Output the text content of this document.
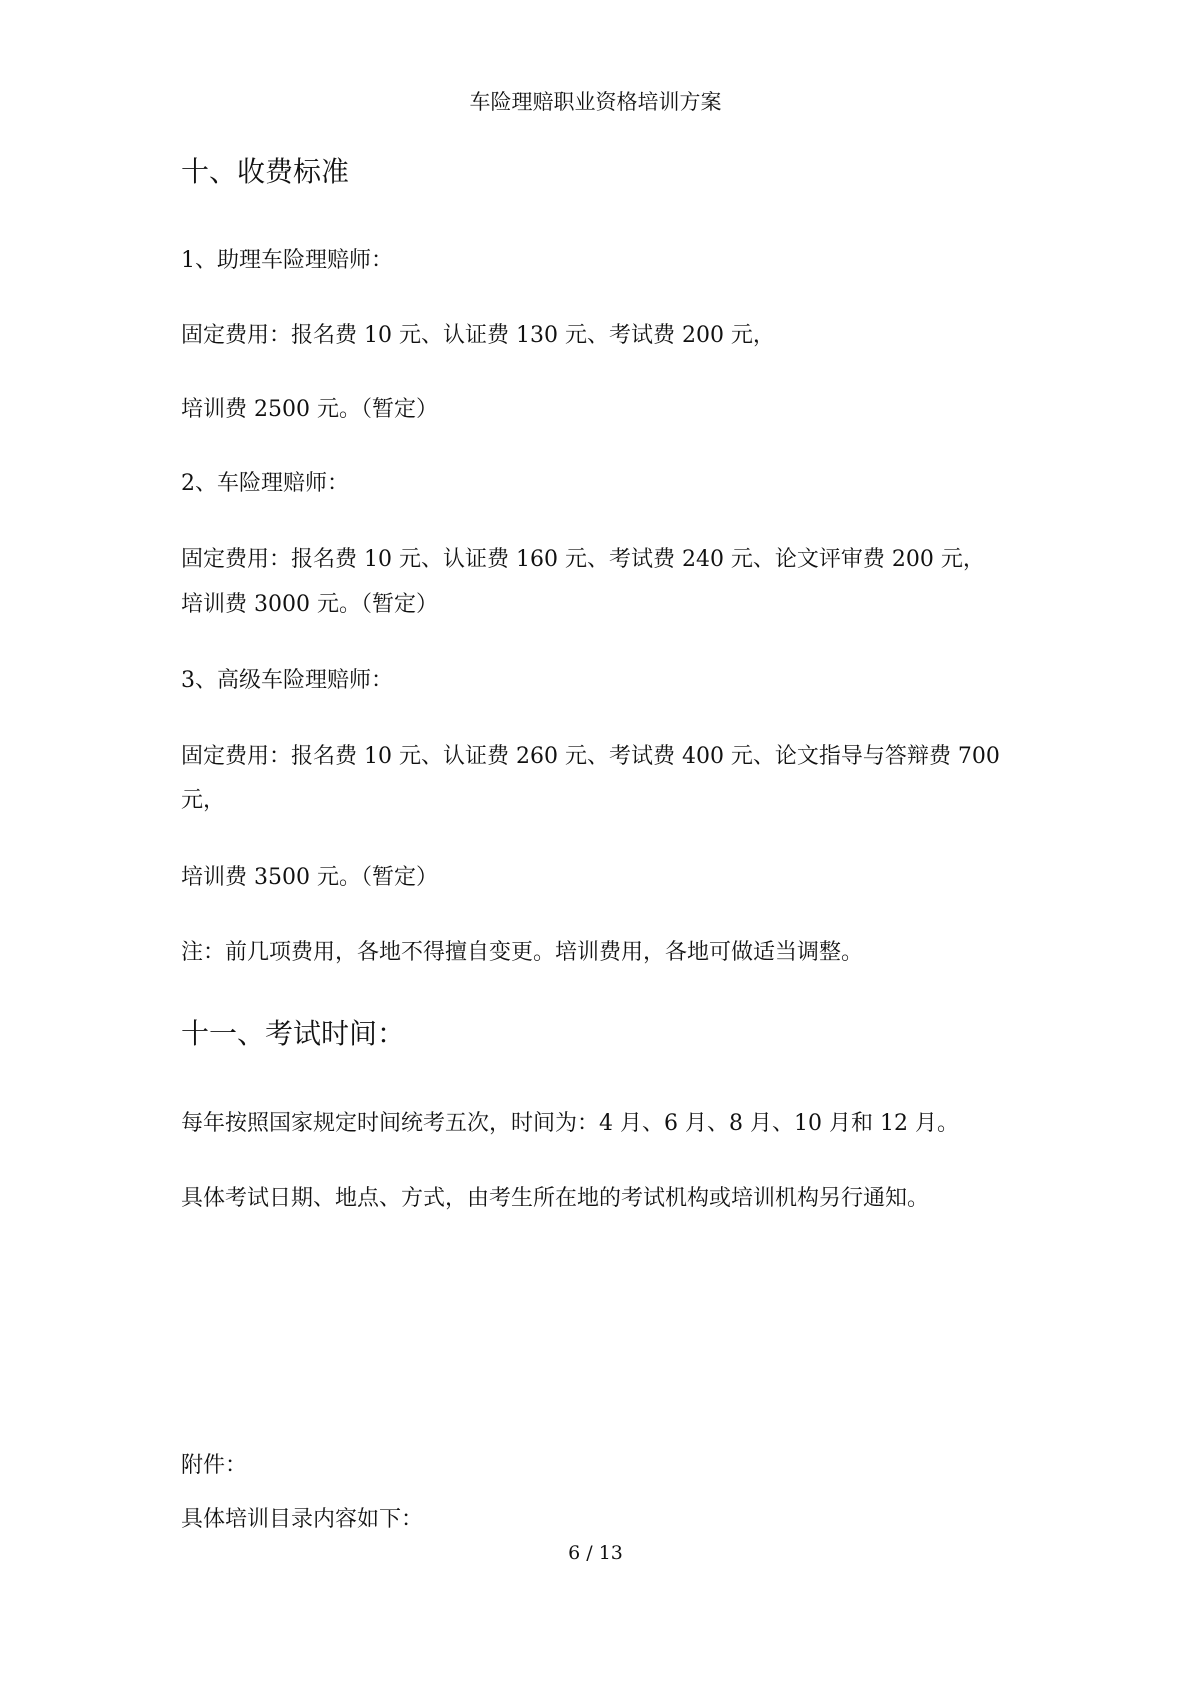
车险理赔职业资格培训方案
十、收费标准
1、助理车险理赔师：
固定费用：报名费 10 元、认证费 130 元、考试费 200 元，
培训费 2500 元。（暂定）
2、车险理赔师：
固定费用：报名费 10 元、认证费 160 元、考试费 240 元、论文评审费 200 元，
培训费 3000 元。（暂定）
3、高级车险理赔师：
固定费用：报名费 10 元、认证费 260 元、考试费 400 元、论文指导与答辩费 700
元，
培训费 3500 元。（暂定）
注：前几项费用，各地不得擅自变更。培训费用，各地可做适当调整。
十一、考试时间：
每年按照国家规定时间统考五次，时间为：4 月、6 月、8 月、10 月和 12 月。
具体考试日期、地点、方式，由考生所在地的考试机构或培训机构另行通知。
附件：
具体培训目录内容如下：
6 / 13
